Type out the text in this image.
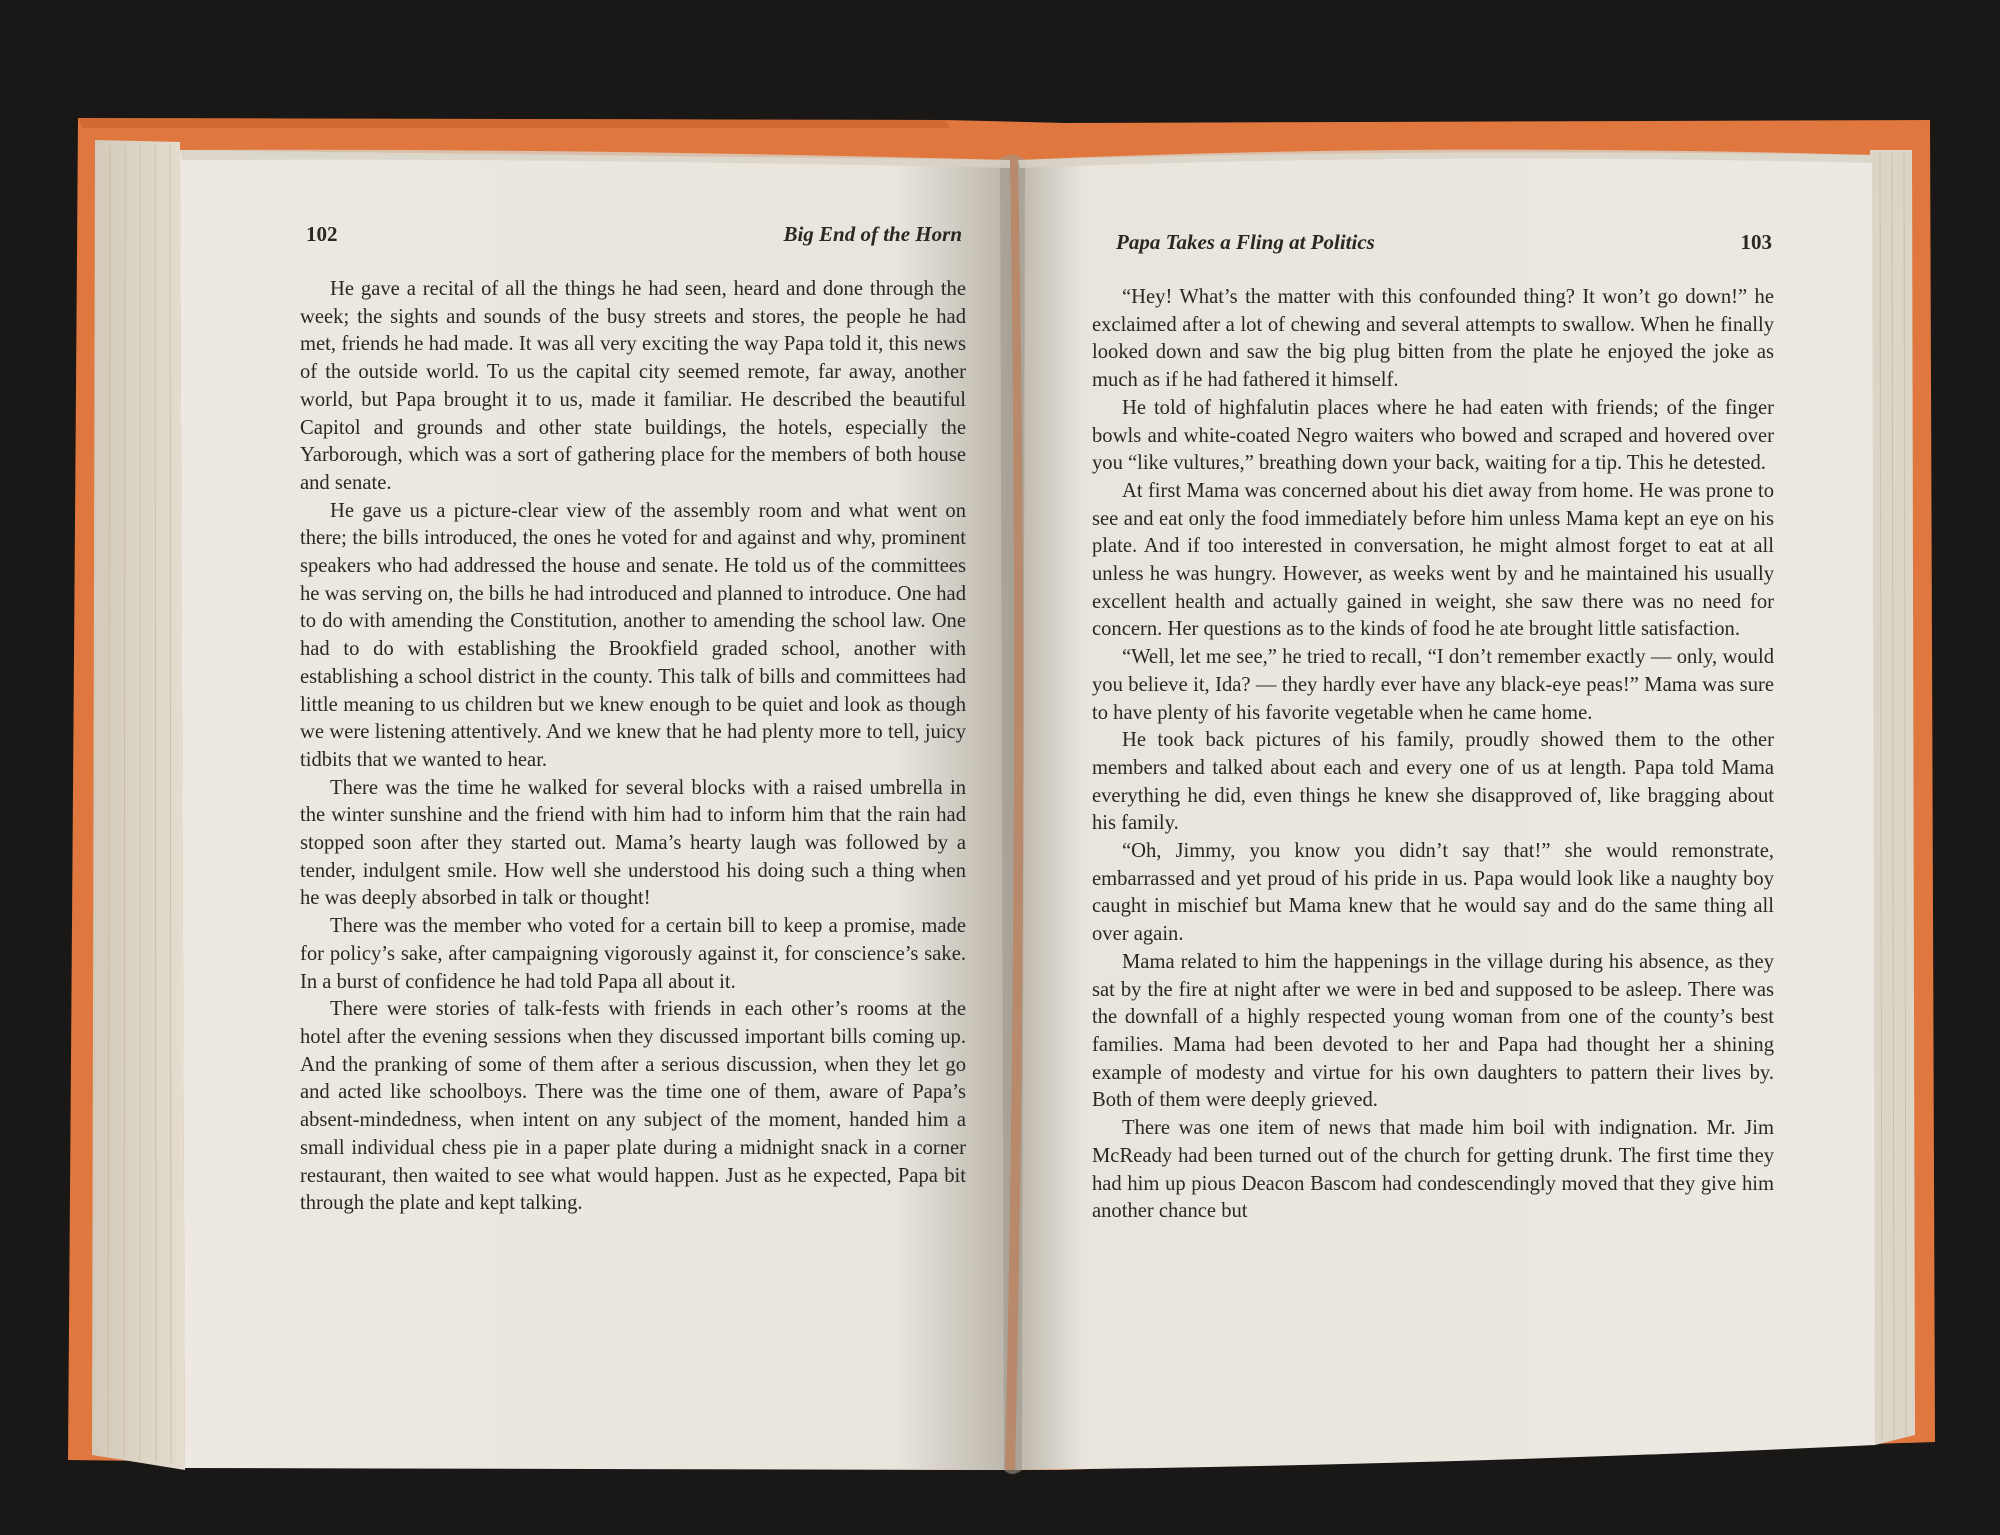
102	Big End of the Horn

He gave a recital of all the things he had seen, heard and done through the week; the sights and sounds of the busy streets and stores, the people he had met, friends he had made. It was all very exciting the way Papa told it, this news of the outside world. To us the capital city seemed remote, far away, another world, but Papa brought it to us, made it familiar. He described the beautiful Capitol and grounds and other state buildings, the hotels, especially the Yarborough, which was a sort of gathering place for the members of both house and senate.

He gave us a picture-clear view of the assembly room and what went on there; the bills introduced, the ones he voted for and against and why, prominent speakers who had addressed the house and senate. He told us of the committees he was serving on, the bills he had introduced and planned to introduce. One had to do with amending the Constitution, another to amending the school law. One had to do with establishing the Brookfield graded school, another with establishing a school district in the county. This talk of bills and committees had little meaning to us children but we knew enough to be quiet and look as though we were listening attentively. And we knew that he had plenty more to tell, juicy tidbits that we wanted to hear.

There was the time he walked for several blocks with a raised umbrella in the winter sunshine and the friend with him had to inform him that the rain had stopped soon after they started out. Mama’s hearty laugh was followed by a tender, indulgent smile. How well she understood his doing such a thing when he was deeply absorbed in talk or thought!

There was the member who voted for a certain bill to keep a promise, made for policy’s sake, after campaigning vigorously against it, for conscience’s sake. In a burst of confidence he had told Papa all about it.

There were stories of talk-fests with friends in each other’s rooms at the hotel after the evening sessions when they discussed important bills coming up. And the pranking of some of them after a serious discussion, when they let go and acted like schoolboys. There was the time one of them, aware of Papa’s absent-mindedness, when intent on any subject of the moment, handed him a small individual chess pie in a paper plate during a midnight snack in a corner restaurant, then waited to see what would happen. Just as he expected, Papa bit through the plate and kept talking.

Papa Takes a Fling at Politics	103

“Hey! What’s the matter with this confounded thing? It won’t go down!” he exclaimed after a lot of chewing and several attempts to swallow. When he finally looked down and saw the big plug bitten from the plate he enjoyed the joke as much as if he had fathered it himself.

He told of highfalutin places where he had eaten with friends; of the finger bowls and white-coated Negro waiters who bowed and scraped and hovered over you “like vultures,” breathing down your back, waiting for a tip. This he detested.

At first Mama was concerned about his diet away from home. He was prone to see and eat only the food immediately before him unless Mama kept an eye on his plate. And if too interested in conversation, he might almost forget to eat at all unless he was hungry. However, as weeks went by and he maintained his usually excellent health and actually gained in weight, she saw there was no need for concern. Her questions as to the kinds of food he ate brought little satisfaction.

“Well, let me see,” he tried to recall, “I don’t remember exactly — only, would you believe it, Ida? — they hardly ever have any black-eye peas!” Mama was sure to have plenty of his favorite vegetable when he came home.

He took back pictures of his family, proudly showed them to the other members and talked about each and every one of us at length. Papa told Mama everything he did, even things he knew she disapproved of, like bragging about his family.

“Oh, Jimmy, you know you didn’t say that!” she would remonstrate, embarrassed and yet proud of his pride in us. Papa would look like a naughty boy caught in mischief but Mama knew that he would say and do the same thing all over again.

Mama related to him the happenings in the village during his absence, as they sat by the fire at night after we were in bed and supposed to be asleep. There was the downfall of a highly respected young woman from one of the county’s best families. Mama had been devoted to her and Papa had thought her a shining example of modesty and virtue for his own daughters to pattern their lives by. Both of them were deeply grieved.

There was one item of news that made him boil with indignation. Mr. Jim McReady had been turned out of the church for getting drunk. The first time they had him up pious Deacon Bascom had condescendingly moved that they give him another chance but
